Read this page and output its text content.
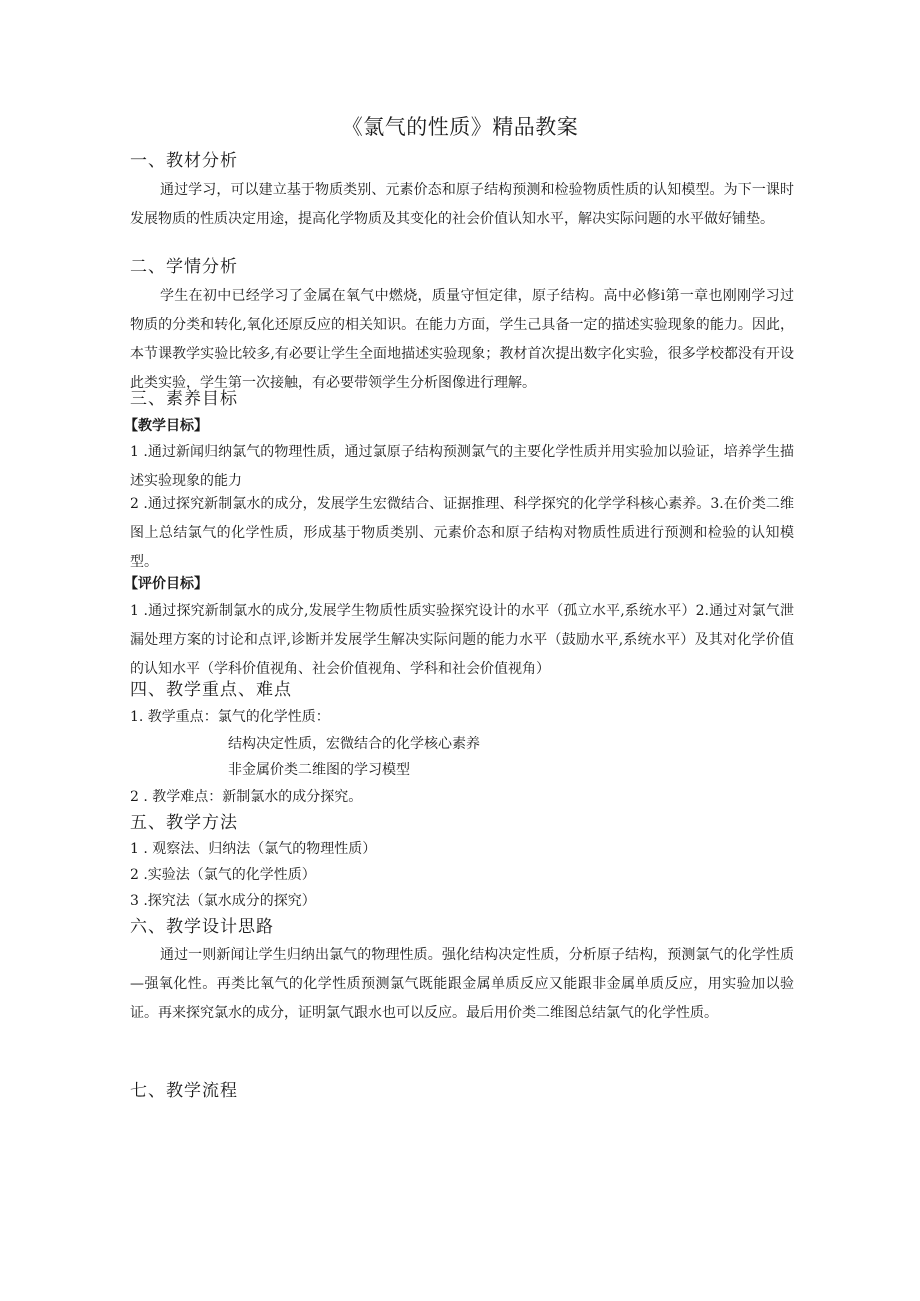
《氯气的性质》精品教案
一、教材分析

通过学习，可以建立基于物质类别、元素价态和原子结构预测和检验物质性质的认知模型。为下一课时发展物质的性质决定用途，提高化学物质及其变化的社会价值认知水平，解决实际问题的水平做好铺垫。

二、学情分析

学生在初中已经学习了金属在氧气中燃烧，质量守恒定律，原子结构。高中必修ⅰ第一章也刚刚学习过物质的分类和转化,氧化还原反应的相关知识。在能力方面，学生己具备一定的描述实验现象的能力。因此，本节课教学实验比较多,有必要让学生全面地描述实验现象；教材首次提出数字化实验，很多学校都没有开设此类实验，学生第一次接触，有必要带领学生分析图像进行理解。

三、素养目标
【教学目标】

1 .通过新闻归纳氯气的物理性质，通过氯原子结构预测氯气的主要化学性质并用实验加以验证，培养学生描述实验现象的能力

2 .通过探究新制氯水的成分，发展学生宏微结合、证据推理、科学探究的化学学科核心素养。3.在价类二维图上总结氯气的化学性质，形成基于物质类别、元素价态和原子结构对物质性质进行预测和检验的认知模型。

【评价目标】

1 .通过探究新制氯水的成分,发展学生物质性质实验探究设计的水平（孤立水平,系统水平）2.通过对氯气泄漏处理方案的讨论和点评,诊断并发展学生解决实际问题的能力水平（鼓励水平,系统水平）及其对化学价值的认知水平（学科价值视角、社会价值视角、学科和社会价值视角）

四、教学重点、难点
1. 教学重点：氯气的化学性质：
结构决定性质，宏微结合的化学核心素养
非金属价类二维图的学习模型
2 . 教学难点：新制氯水的成分探究。
五、教学方法
1 . 观察法、归纳法（氯气的物理性质）
2 .实验法（氯气的化学性质）
3 .探究法（氯水成分的探究）
六、教学设计思路

通过一则新闻让学生归纳出氯气的物理性质。强化结构决定性质，分析原子结构，预测氯气的化学性质—强氧化性。再类比氧气的化学性质预测氯气既能跟金属单质反应又能跟非金属单质反应，用实验加以验证。再来探究氯水的成分，证明氯气跟水也可以反应。最后用价类二维图总结氯气的化学性质。

七、教学流程
